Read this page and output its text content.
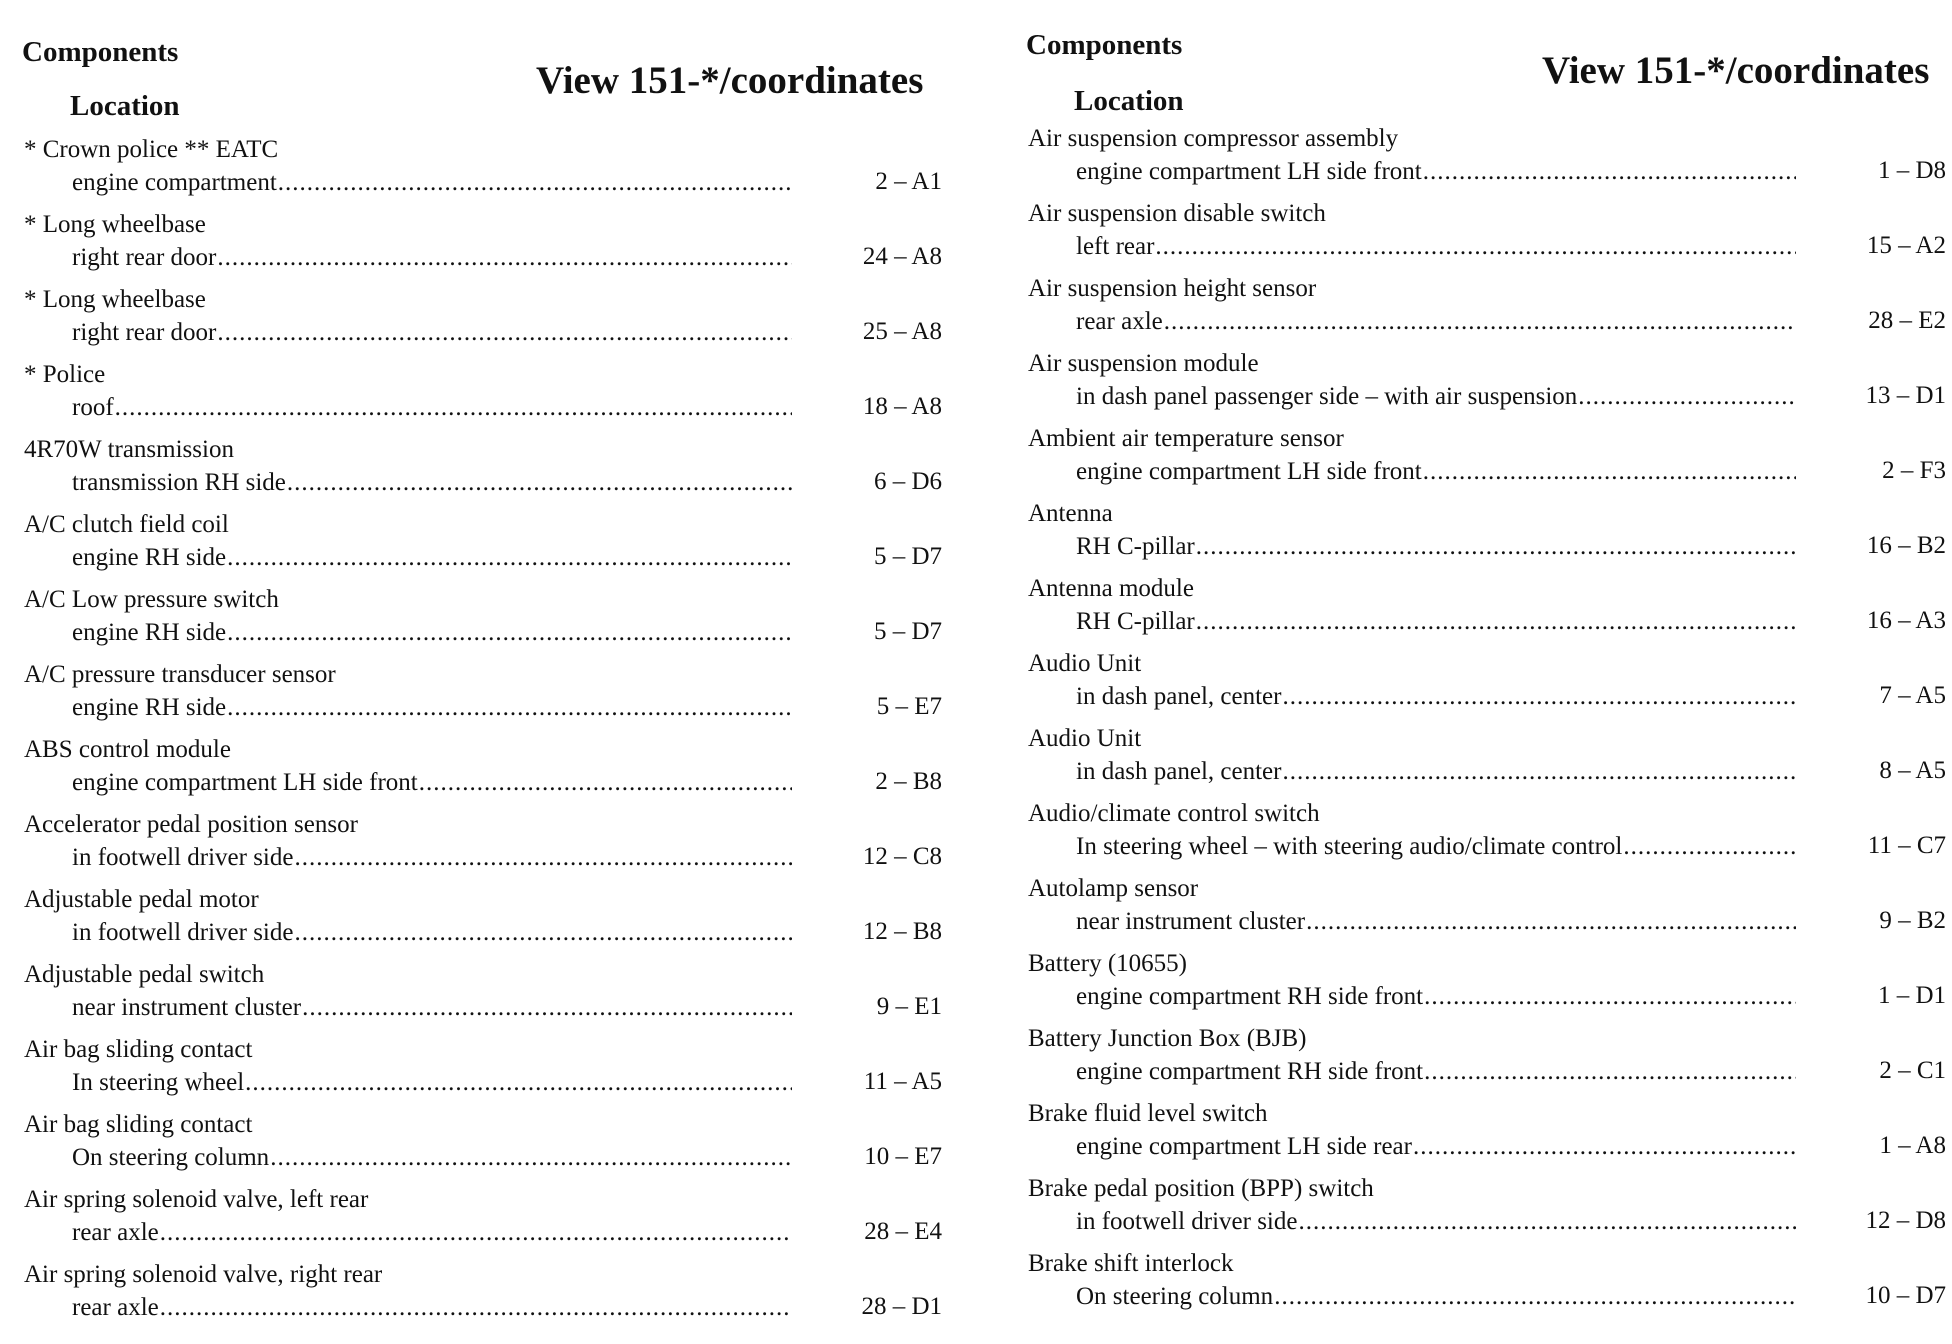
Components
Location
View 151-*/coordinates
* Crown police ** EATC
engine compartment .....	2 – A1
* Long wheelbase
right rear door .....	24 – A8
* Long wheelbase
right rear door .....	25 – A8
* Police
roof .....	18 – A8
4R70W transmission
transmission RH side .....	6 – D6
A/C clutch field coil
engine RH side .....	5 – D7
A/C Low pressure switch
engine RH side .....	5 – D7
A/C pressure transducer sensor
engine RH side .....	5 – E7
ABS control module
engine compartment LH side front .....	2 – B8
Accelerator pedal position sensor
in footwell driver side .....	12 – C8
Adjustable pedal motor
in footwell driver side .....	12 – B8
Adjustable pedal switch
near instrument cluster .....	9 – E1
Air bag sliding contact
In steering wheel .....	11 – A5
Air bag sliding contact
On steering column .....	10 – E7
Air spring solenoid valve, left rear
rear axle .....	28 – E4
Air spring solenoid valve, right rear
rear axle .....	28 – D1
Components
Location
View 151-*/coordinates
Air suspension compressor assembly
engine compartment LH side front .....	1 – D8
Air suspension disable switch
left rear .....	15 – A2
Air suspension height sensor
rear axle .....	28 – E2
Air suspension module
in dash panel passenger side – with air suspension .....	13 – D1
Ambient air temperature sensor
engine compartment LH side front .....	2 – F3
Antenna
RH C-pillar .....	16 – B2
Antenna module
RH C-pillar .....	16 – A3
Audio Unit
in dash panel, center .....	7 – A5
Audio Unit
in dash panel, center .....	8 – A5
Audio/climate control switch
In steering wheel – with steering audio/climate control .....	11 – C7
Autolamp sensor
near instrument cluster .....	9 – B2
Battery (10655)
engine compartment RH side front .....	1 – D1
Battery Junction Box (BJB)
engine compartment RH side front .....	2 – C1
Brake fluid level switch
engine compartment LH side rear .....	1 – A8
Brake pedal position (BPP) switch
in footwell driver side .....	12 – D8
Brake shift interlock
On steering column .....	10 – D7
